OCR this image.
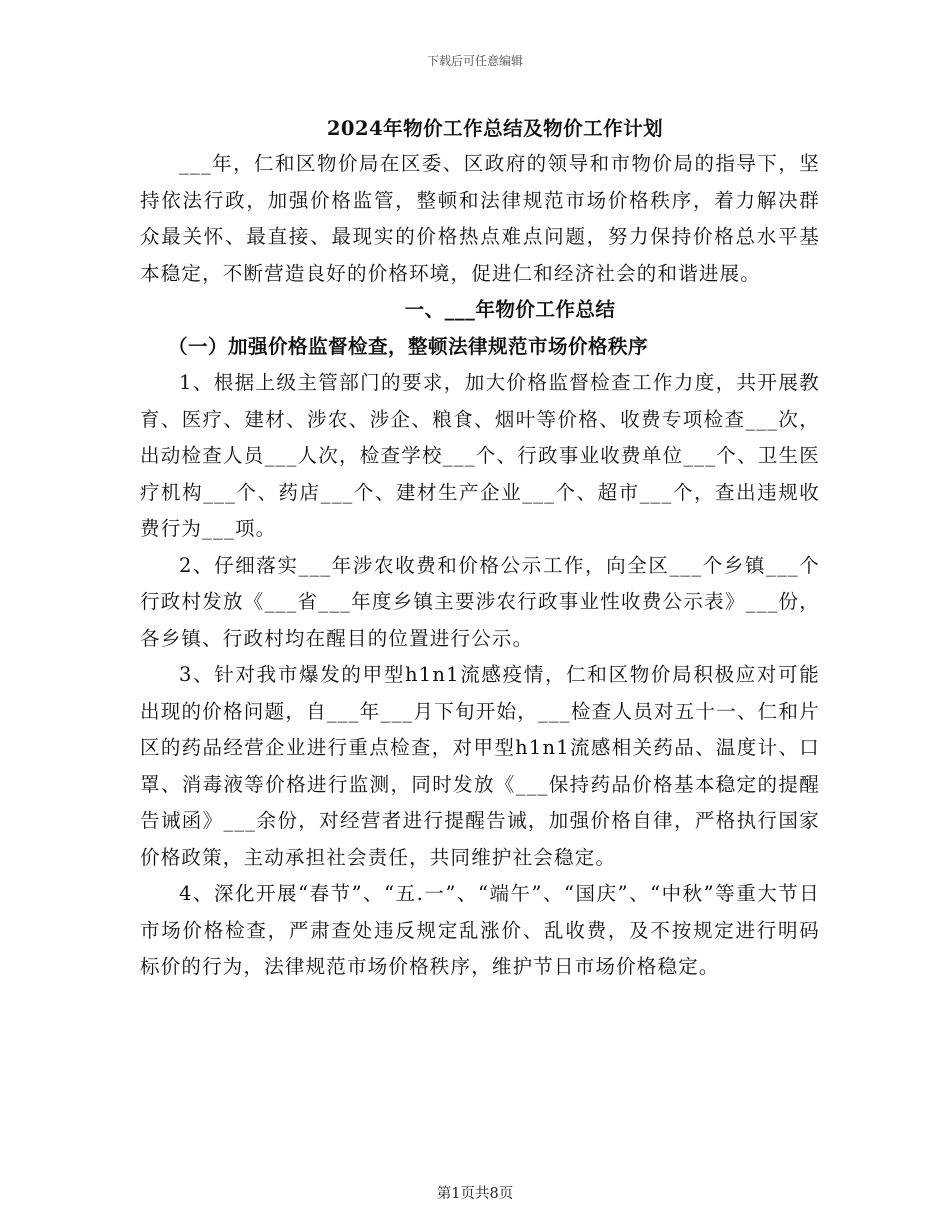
下载后可任意编辑

2024年物价工作总结及物价工作计划

___年，仁和区物价局在区委、区政府的领导和市物价局的指导下，坚持依法行政，加强价格监管，整顿和法律规范市场价格秩序，着力解决群众最关怀、最直接、最现实的价格热点难点问题，努力保持价格总水平基本稳定，不断营造良好的价格环境，促进仁和经济社会的和谐进展。

一、___年物价工作总结

（一）加强价格监督检查，整顿法律规范市场价格秩序

1、根据上级主管部门的要求，加大价格监督检查工作力度，共开展教育、医疗、建材、涉农、涉企、粮食、烟叶等价格、收费专项检查___次，出动检查人员___人次，检查学校___个、行政事业收费单位___个、卫生医疗机构___个、药店___个、建材生产企业___个、超市___个，查出违规收费行为___项。

2、仔细落实___年涉农收费和价格公示工作，向全区___个乡镇___个行政村发放《___省___年度乡镇主要涉农行政事业性收费公示表》___份，各乡镇、行政村均在醒目的位置进行公示。

3、针对我市爆发的甲型h1n1流感疫情，仁和区物价局积极应对可能出现的价格问题，自___年___月下旬开始，___检查人员对五十一、仁和片区的药品经营企业进行重点检查，对甲型h1n1流感相关药品、温度计、口罩、消毒液等价格进行监测，同时发放《___保持药品价格基本稳定的提醒告诫函》___余份，对经营者进行提醒告诫，加强价格自律，严格执行国家价格政策，主动承担社会责任，共同维护社会稳定。

4、深化开展“春节”、“五.一”、“端午”、“国庆”、“中秋”等重大节日市场价格检查，严肃查处违反规定乱涨价、乱收费，及不按规定进行明码标价的行为，法律规范市场价格秩序，维护节日市场价格稳定。

第1页共8页
